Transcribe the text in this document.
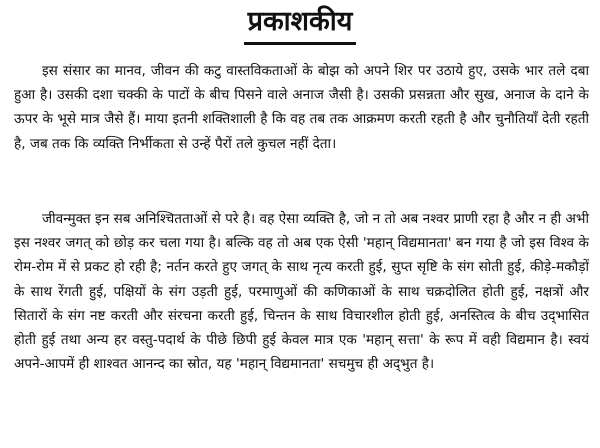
प्रकाशकीय

इस संसार का मानव, जीवन की कटु वास्तविकताओं के बोझ को अपने शिर पर उठाये हुए, उसके भार तले दबा हुआ है। उसकी दशा चक्की के पाटों के बीच पिसने वाले अनाज जैसी है। उसकी प्रसन्नता और सुख, अनाज के दाने के ऊपर के भूसे मात्र जैसे हैं। माया इतनी शक्तिशाली है कि वह तब तक आक्रमण करती रहती है और चुनौतियाँ देती रहती है, जब तक कि व्यक्ति निर्भीकता से उन्हें पैरों तले कुचल नहीं देता।

जीवन्मुक्त इन सब अनिश्चितताओं से परे है। वह ऐसा व्यक्ति है, जो न तो अब नश्वर प्राणी रहा है और न ही अभी इस नश्वर जगत् को छोड़ कर चला गया है। बल्कि वह तो अब एक ऐसी 'महान् विद्यमानता' बन गया है जो इस विश्व के रोम-रोम में से प्रकट हो रही है; नर्तन करते हुए जगत् के साथ नृत्य करती हुई, सुप्त सृष्टि के संग सोती हुई, कीड़े-मकौड़ों के साथ रेंगती हुई, पक्षियों के संग उड़ती हुई, परमाणुओं की कणिकाओं के साथ चक्रदोलित होती हुई, नक्षत्रों और सितारों के संग नष्ट करती और संरचना करती हुई, चिन्तन के साथ विचारशील होती हुई, अनस्तित्व के बीच उद्‌भासित होती हुई तथा अन्य हर वस्तु-पदार्थ के पीछे छिपी हुई केवल मात्र एक 'महान् सत्ता' के रूप में वही विद्यमान है। स्वयं अपने-आपमें ही शाश्वत आनन्द का स्रोत, यह 'महान् विद्यमानता' सचमुच ही अद्‌भुत है।
